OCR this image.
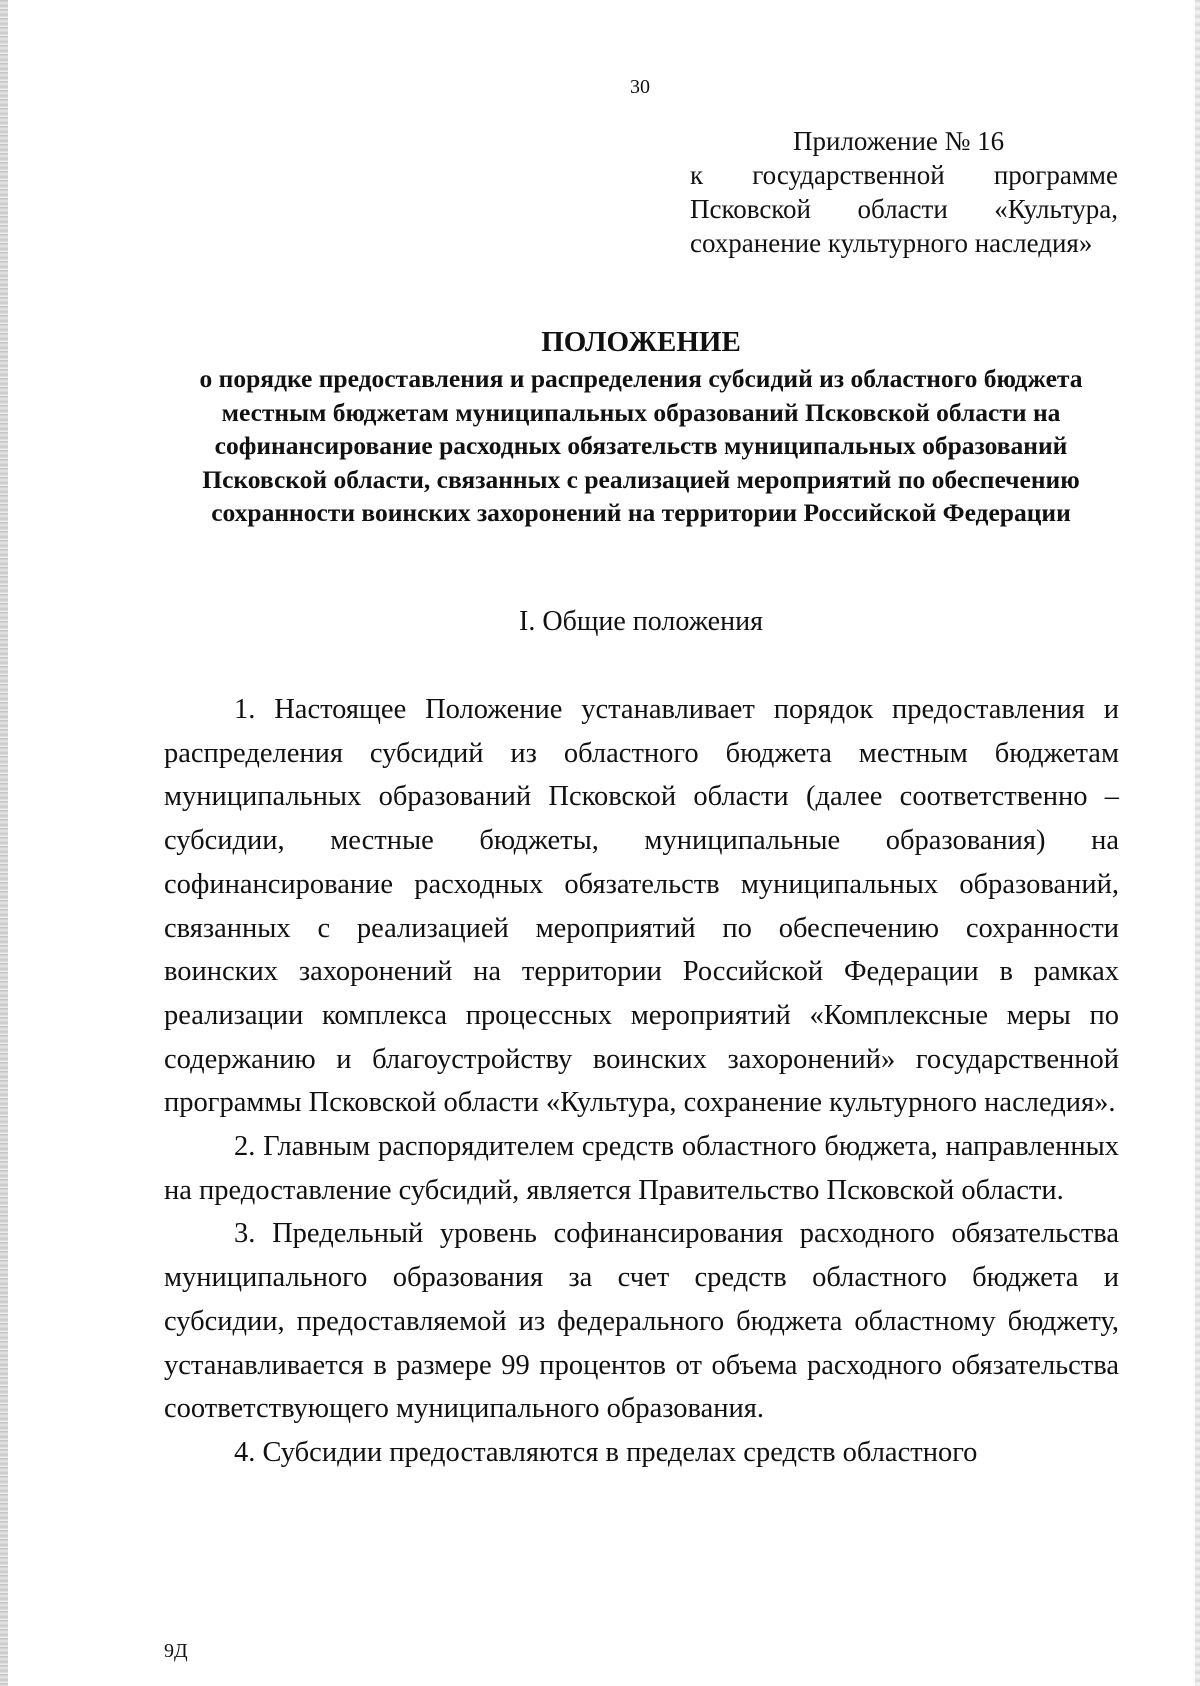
30
Приложение № 16
к государственной программе
Псковской области «Культура,
сохранение культурного наследия»
ПОЛОЖЕНИЕ
о порядке предоставления и распределения субсидий из областного бюджета местным бюджетам муниципальных образований Псковской области на софинансирование расходных обязательств муниципальных образований Псковской области, связанных с реализацией мероприятий по обеспечению сохранности воинских захоронений на территории Российской Федерации
I. Общие положения

1. Настоящее Положение устанавливает порядок предоставления и распределения субсидий из областного бюджета местным бюджетам муниципальных образований Псковской области (далее соответственно – субсидии, местные бюджеты, муниципальные образования) на софинансирование расходных обязательств муниципальных образований, связанных с реализацией мероприятий по обеспечению сохранности воинских захоронений на территории Российской Федерации в рамках реализации комплекса процессных мероприятий «Комплексные меры по содержанию и благоустройству воинских захоронений» государственной программы Псковской области «Культура, сохранение культурного наследия».

2. Главным распорядителем средств областного бюджета, направленных на предоставление субсидий, является Правительство Псковской области.

3. Предельный уровень софинансирования расходного обязательства муниципального образования за счет средств областного бюджета и субсидии, предоставляемой из федерального бюджета областному бюджету, устанавливается в размере 99 процентов от объема расходного обязательства соответствующего муниципального образования.

4. Субсидии предоставляются в пределах средств областного

9Д
